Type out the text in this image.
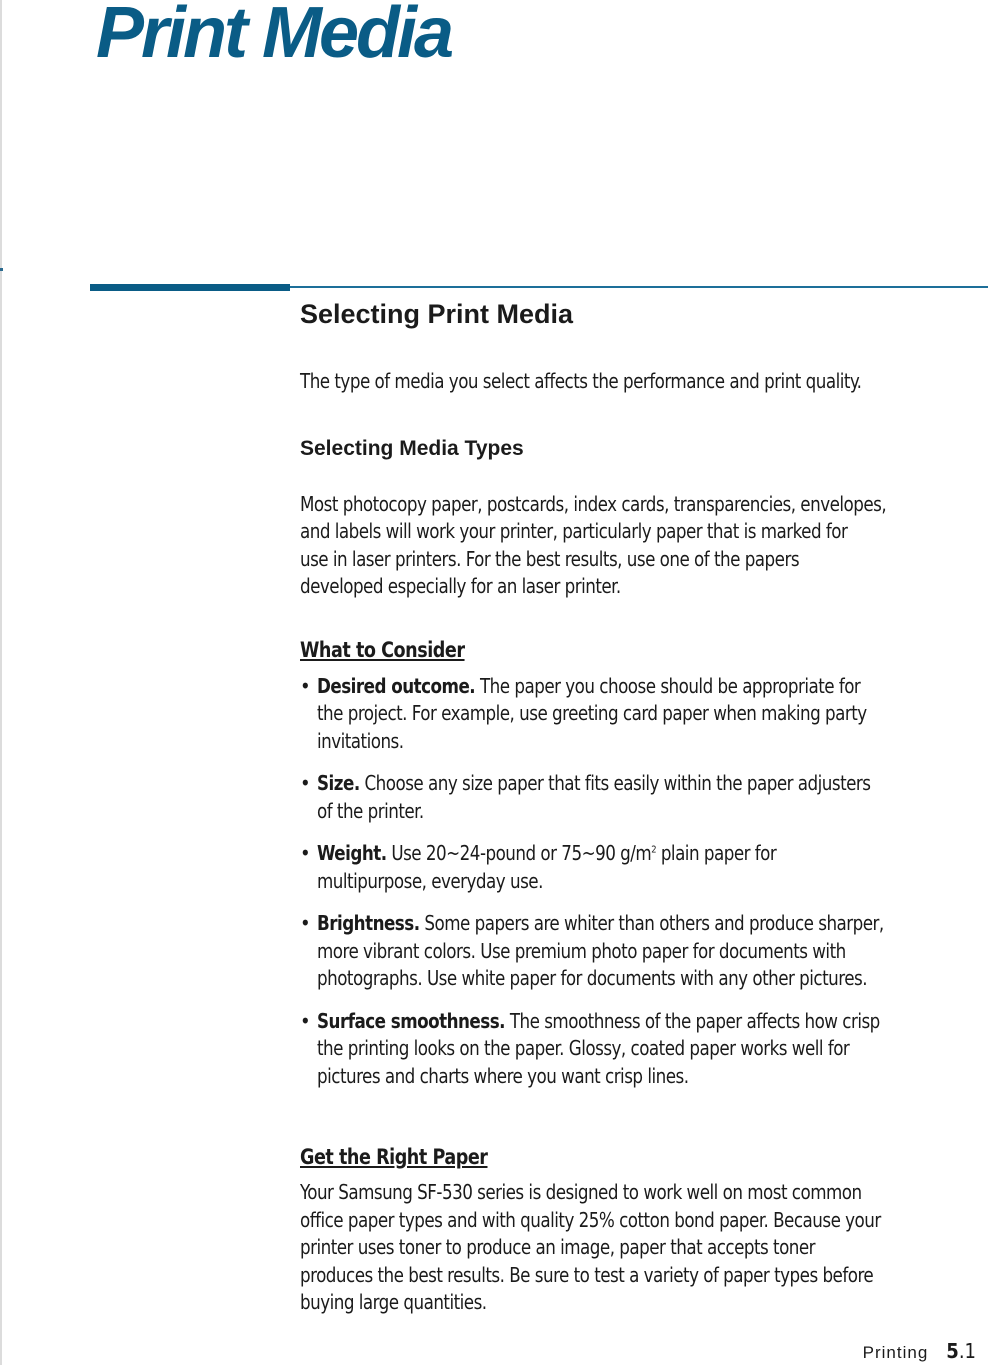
Print Media
Selecting Print Media

The type of media you select affects the performance and print quality.

Selecting Media Types

Most photocopy paper, postcards, index cards, transparencies, envelopes,
and labels will work your printer, particularly paper that is marked for
use in laser printers. For the best results, use one of the papers
developed especially for an laser printer.

What to Consider
• Desired outcome. The paper you choose should be appropriate for
the project. For example, use greeting card paper when making party
invitations.
• Size. Choose any size paper that fits easily within the paper adjusters
of the printer.
• Weight. Use 20~24-pound or 75~90 $g/m^2$ plain paper for
multipurpose, everyday use.
• Brightness. Some papers are whiter than others and produce sharper,
more vibrant colors. Use premium photo paper for documents with
photographs. Use white paper for documents with any other pictures.
• Surface smoothness. The smoothness of the paper affects how crisp
the printing looks on the paper. Glossy, coated paper works well for
pictures and charts where you want crisp lines.
Get the Right Paper

Your Samsung SF-530 series is designed to work well on most common
office paper types and with quality 25% cotton bond paper. Because your
printer uses toner to produce an image, paper that accepts toner
produces the best results. Be sure to test a variety of paper types before
buying large quantities.

Printing 5.1
